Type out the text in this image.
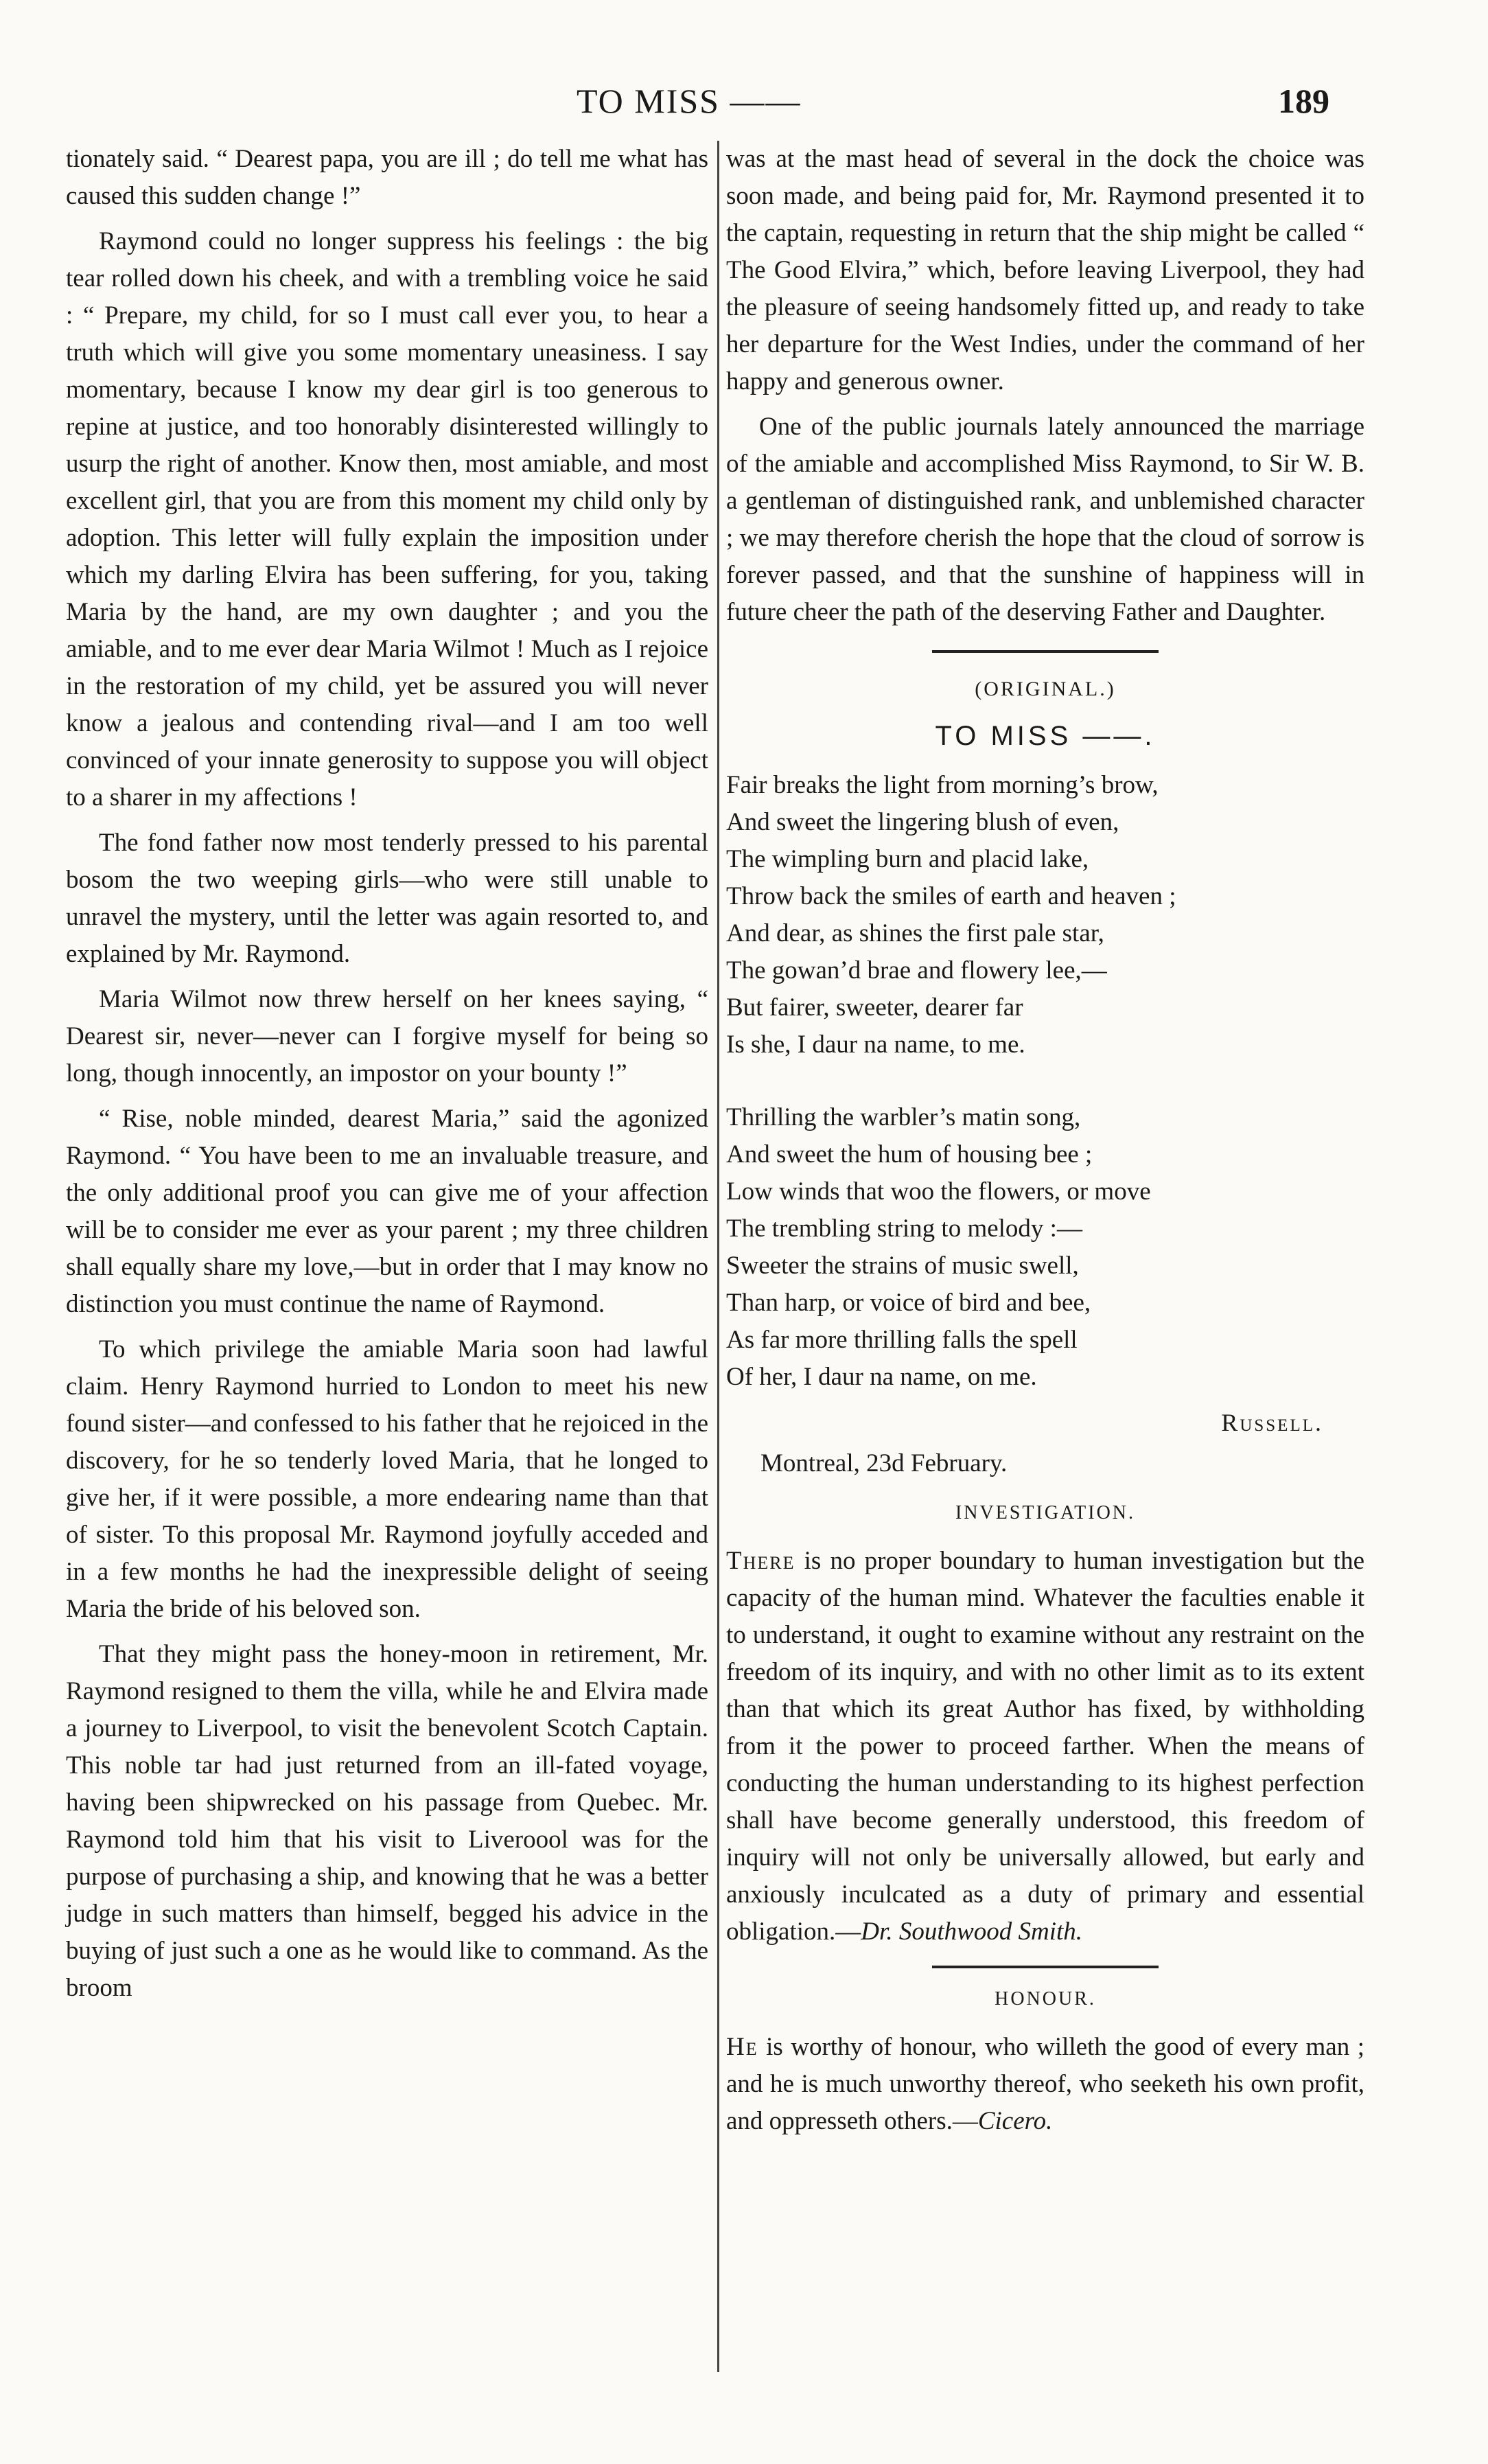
TO MISS ——	189

tionately said. “ Dearest papa, you are ill ; do tell me what has caused this sudden change !”

Raymond could no longer suppress his feelings : the big tear rolled down his cheek, and with a trembling voice he said : “ Prepare, my child, for so I must call ever you, to hear a truth which will give you some momentary uneasiness. I say momentary, because I know my dear girl is too generous to repine at justice, and too honorably disinterested willingly to usurp the right of another. Know then, most amiable, and most excellent girl, that you are from this moment my child only by adoption. This letter will fully explain the imposition under which my darling Elvira has been suffering, for you, taking Maria by the hand, are my own daughter ; and you the amiable, and to me ever dear Maria Wilmot ! Much as I rejoice in the restoration of my child, yet be assured you will never know a jealous and contending rival—and I am too well convinced of your innate generosity to suppose you will object to a sharer in my affections !

The fond father now most tenderly pressed to his parental bosom the two weeping girls—who were still unable to unravel the mystery, until the letter was again resorted to, and explained by Mr. Raymond.

Maria Wilmot now threw herself on her knees saying, “ Dearest sir, never—never can I forgive myself for being so long, though innocently, an impostor on your bounty !”

“ Rise, noble minded, dearest Maria,” said the agonized Raymond. “ You have been to me an invaluable treasure, and the only additional proof you can give me of your affection will be to consider me ever as your parent ; my three children shall equally share my love,—but in order that I may know no distinction you must continue the name of Raymond.

To which privilege the amiable Maria soon had lawful claim. Henry Raymond hurried to London to meet his new found sister—and confessed to his father that he rejoiced in the discovery, for he so tenderly loved Maria, that he longed to give her, if it were possible, a more endearing name than that of sister. To this proposal Mr. Raymond joyfully acceded and in a few months he had the inexpressible delight of seeing Maria the bride of his beloved son.

That they might pass the honey-moon in retirement, Mr. Raymond resigned to them the villa, while he and Elvira made a journey to Liverpool, to visit the benevolent Scotch Captain. This noble tar had just returned from an ill-fated voyage, having been shipwrecked on his passage from Quebec. Mr. Raymond told him that his visit to Liveroool was for the purpose of purchasing a ship, and knowing that he was a better judge in such matters than himself, begged his advice in the buying of just such a one as he would like to command. As the broom

was at the mast head of several in the dock the choice was soon made, and being paid for, Mr. Raymond presented it to the captain, requesting in return that the ship might be called “ The Good Elvira,” which, before leaving Liverpool, they had the pleasure of seeing handsomely fitted up, and ready to take her departure for the West Indies, under the command of her happy and generous owner.

One of the public journals lately announced the marriage of the amiable and accomplished Miss Raymond, to Sir W. B. a gentleman of distinguished rank, and unblemished character ; we may therefore cherish the hope that the cloud of sorrow is forever passed, and that the sunshine of happiness will in future cheer the path of the deserving Father and Daughter.

(ORIGINAL.)
TO MISS ——.
Fair breaks the light from morning’s brow,
And sweet the lingering blush of even,
The wimpling burn and placid lake,
Throw back the smiles of earth and heaven ;
And dear, as shines the first pale star,
The gowan’d brae and flowery lee,—
But fairer, sweeter, dearer far
Is she, I daur na name, to me.
Thrilling the warbler’s matin song,
And sweet the hum of housing bee ;
Low winds that woo the flowers, or move
The trembling string to melody :—
Sweeter the strains of music swell,
Than harp, or voice of bird and bee,
As far more thrilling falls the spell
Of her, I daur na name, on me.
Russell.
Montreal, 23d February.
INVESTIGATION.

There is no proper boundary to human investigation but the capacity of the human mind. Whatever the faculties enable it to understand, it ought to examine without any restraint on the freedom of its inquiry, and with no other limit as to its extent than that which its great Author has fixed, by withholding from it the power to proceed farther. When the means of conducting the human understanding to its highest perfection shall have become generally understood, this freedom of inquiry will not only be universally allowed, but early and anxiously inculcated as a duty of primary and essential obligation.—Dr. Southwood Smith.

HONOUR.

He is worthy of honour, who willeth the good of every man ; and he is much unworthy thereof, who seeketh his own profit, and oppresseth others.—Cicero.
